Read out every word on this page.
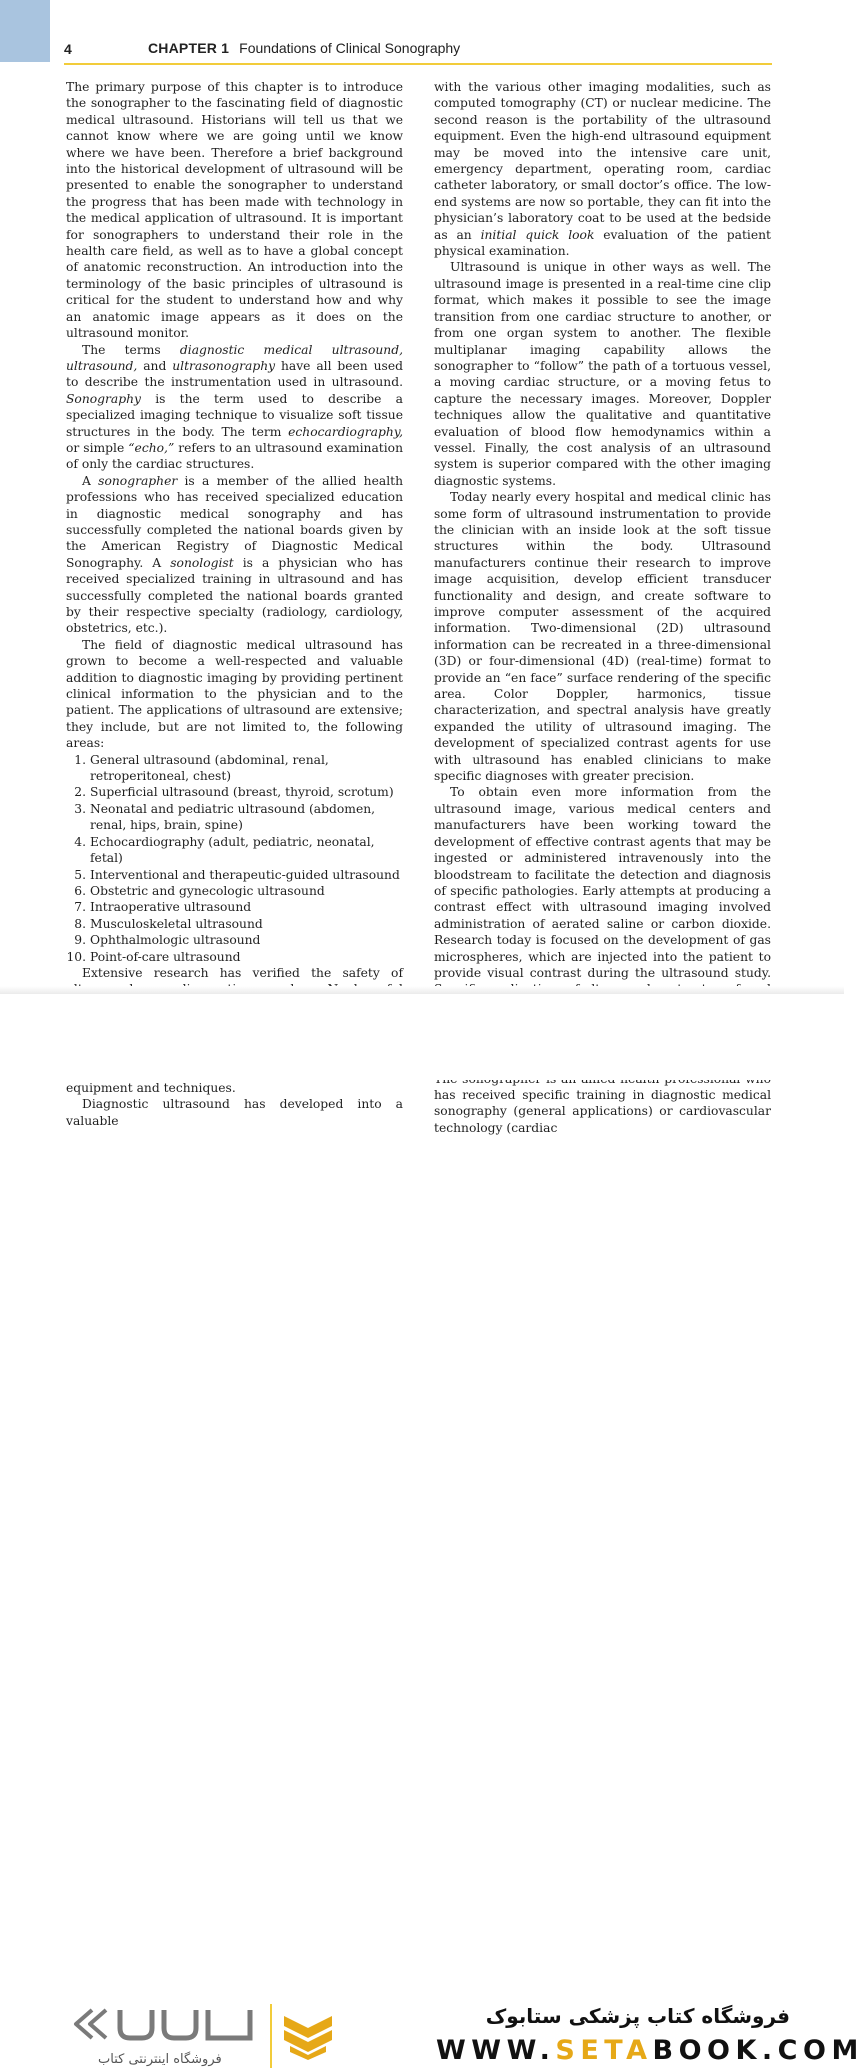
4	CHAPTER 1 Foundations of Clinical Sonography

The primary purpose of this chapter is to introduce the sonographer to the fascinating field of diagnostic medical ultrasound. Historians will tell us that we cannot know where we are going until we know where we have been. Therefore a brief background into the historical development of ultrasound will be presented to enable the sonographer to understand the progress that has been made with technology in the medical application of ultrasound. It is important for sonographers to understand their role in the health care field, as well as to have a global concept of anatomic reconstruction. An introduction into the terminology of the basic principles of ultrasound is critical for the student to understand how and why an anatomic image appears as it does on the ultrasound monitor.

The terms diagnostic medical ultrasound, ultrasound, and ultrasonography have all been used to describe the instrumentation used in ultrasound. Sonography is the term used to describe a specialized imaging technique to visualize soft tissue structures in the body. The term echocardiography, or simple “echo,” refers to an ultrasound examination of only the cardiac structures.

A sonographer is a member of the allied health professions who has received specialized education in diagnostic medical sonography and has successfully completed the national boards given by the American Registry of Diagnostic Medical Sonography. A sonologist is a physician who has received specialized training in ultrasound and has successfully completed the national boards granted by their respective specialty (radiology, cardiology, obstetrics, etc.).

The field of diagnostic medical ultrasound has grown to become a well-respected and valuable addition to diagnostic imaging by providing pertinent clinical information to the physician and to the patient. The applications of ultrasound are extensive; they include, but are not limited to, the following areas:

1. General ultrasound (abdominal, renal, retroperitoneal, chest)
2. Superficial ultrasound (breast, thyroid, scrotum)
3. Neonatal and pediatric ultrasound (abdomen, renal, hips, brain, spine)
4. Echocardiography (adult, pediatric, neonatal, fetal)
5. Interventional and therapeutic-guided ultrasound
6. Obstetric and gynecologic ultrasound
7. Intraoperative ultrasound
8. Musculoskeletal ultrasound
9. Ophthalmologic ultrasound
10. Point-of-care ultrasound

Extensive research has verified the safety of equipment and techniques.

Diagnostic ultrasound has developed into a valuable

with the various other imaging modalities, such as computed tomography (CT) or nuclear medicine. The second reason is the portability of the ultrasound equipment. Even the high-end ultrasound equipment may be moved into the intensive care unit, emergency department, operating room, cardiac catheter laboratory, or small doctor’s office. The low-end systems are now so portable, they can fit into the physician’s laboratory coat to be used at the bedside as an initial quick look evaluation of the patient physical examination.

Ultrasound is unique in other ways as well. The ultrasound image is presented in a real-time cine clip format, which makes it possible to see the image transition from one cardiac structure to another, or from one organ system to another. The flexible multiplanar imaging capability allows the sonographer to “follow” the path of a tortuous vessel, a moving cardiac structure, or a moving fetus to capture the necessary images. Moreover, Doppler techniques allow the qualitative and quantitative evaluation of blood flow hemodynamics within a vessel. Finally, the cost analysis of an ultrasound system is superior compared with the other imaging diagnostic systems.

Today nearly every hospital and medical clinic has some form of ultrasound instrumentation to provide the clinician with an inside look at the soft tissue structures within the body. Ultrasound manufacturers continue their research to improve image acquisition, develop efficient transducer functionality and design, and create software to improve computer assessment of the acquired information. Two-dimensional (2D) ultrasound information can be recreated in a three-dimensional (3D) or four-dimensional (4D) (real-time) format to provide an “en face” surface rendering of the specific area. Color Doppler, harmonics, tissue characterization, and spectral analysis have greatly expanded the utility of ultrasound imaging. The development of specialized contrast agents for use with ultrasound has enabled clinicians to make specific diagnoses with greater precision.

To obtain even more information from the ultrasound image, various medical centers and manufacturers have been working toward the development of effective contrast agents that may be ingested or administered intravenously into the bloodstream to facilitate the detection and diagnosis of specific pathologies. Early attempts at producing a contrast effect with ultrasound imaging involved administration of aerated saline or carbon dioxide. Research today is focused on the development of gas microspheres, which are injected into the patient to provide visual contrast during the ultrasound study.

has received specific training in diagnostic medical sonography (general applications) or cardiovascular technology (cardiac

فروشگاه اینترنتی کتاب
فروشگاه کتاب پزشکی ستابوک
WWW.SETABOOK.COM
